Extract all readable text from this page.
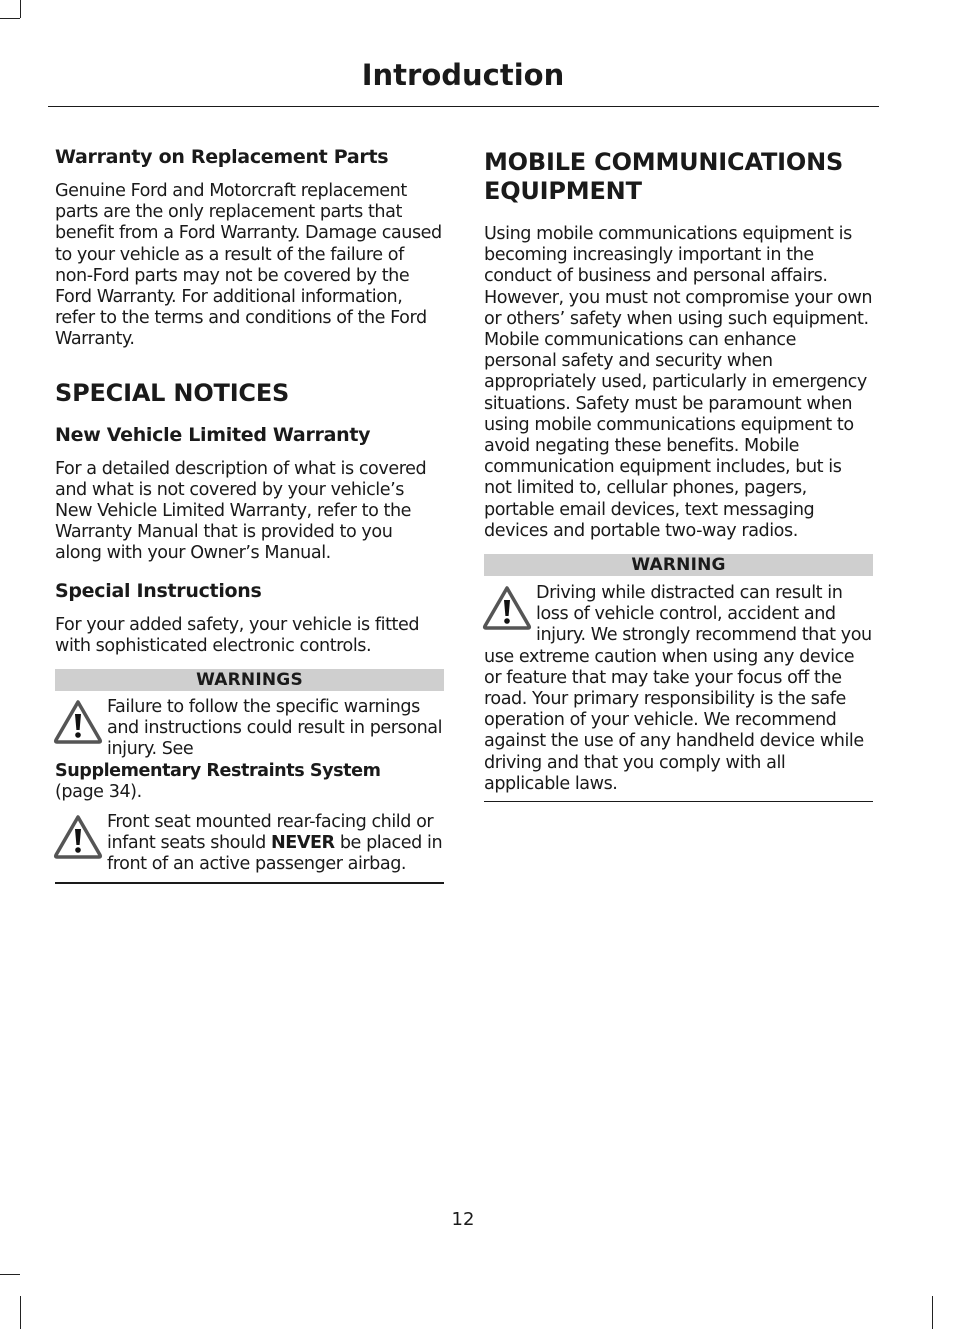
Introduction
Warranty on Replacement Parts

Genuine Ford and Motorcraft replacement parts are the only replacement parts that benefit from a Ford Warranty. Damage caused to your vehicle as a result of the failure of non-Ford parts may not be covered by the Ford Warranty. For additional information, refer to the terms and conditions of the Ford Warranty.

SPECIAL NOTICES
New Vehicle Limited Warranty

For a detailed description of what is covered and what is not covered by your vehicle’s New Vehicle Limited Warranty, refer to the Warranty Manual that is provided to you along with your Owner’s Manual.

Special Instructions

For your added safety, your vehicle is fitted with sophisticated electronic controls.

WARNINGS
Failure to follow the specific warnings and instructions could result in personal injury. See
Supplementary Restraints System
(page 34).
Front seat mounted rear-facing child or infant seats should NEVER be placed in front of an active passenger airbag.
MOBILE COMMUNICATIONS EQUIPMENT

Using mobile communications equipment is becoming increasingly important in the conduct of business and personal affairs. However, you must not compromise your own or others’ safety when using such equipment. Mobile communications can enhance personal safety and security when appropriately used, particularly in emergency situations. Safety must be paramount when using mobile communications equipment to avoid negating these benefits. Mobile communication equipment includes, but is not limited to, cellular phones, pagers, portable email devices, text messaging devices and portable two-way radios.

WARNING
Driving while distracted can result in loss of vehicle control, accident and injury. We strongly recommend that you use extreme caution when using any device or feature that may take your focus off the road. Your primary responsibility is the safe operation of your vehicle. We recommend against the use of any handheld device while driving and that you comply with all applicable laws.
12
